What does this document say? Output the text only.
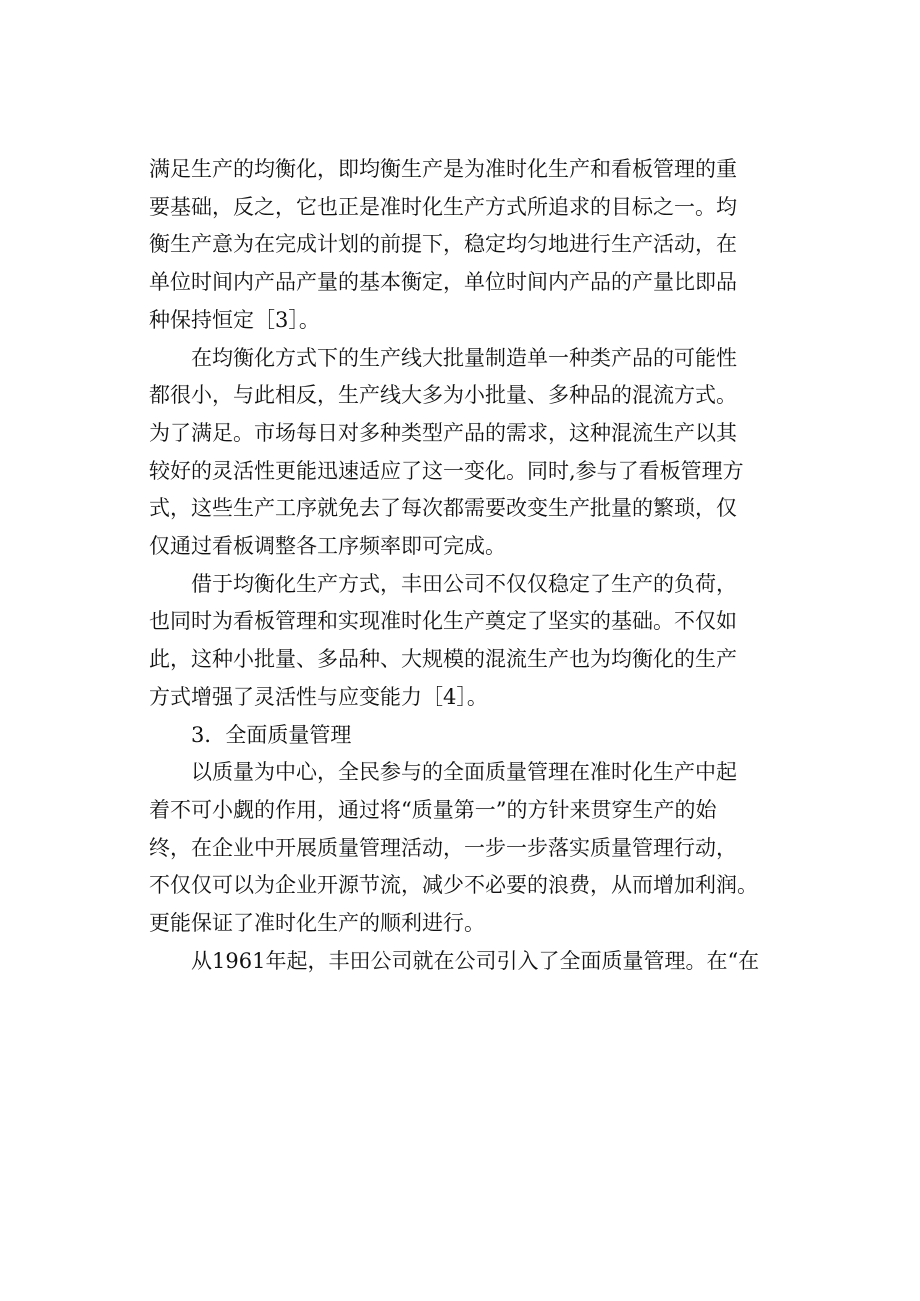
满足生产的均衡化，即均衡生产是为准时化生产和看板管理的重
要基础，反之，它也正是准时化生产方式所追求的目标之一。均
衡生产意为在完成计划的前提下，稳定均匀地进行生产活动，在
单位时间内产品产量的基本衡定，单位时间内产品的产量比即品
种保持恒定［3］。

在均衡化方式下的生产线大批量制造单一种类产品的可能性
都很小，与此相反，生产线大多为小批量、多种品的混流方式。
为了满足。市场每日对多种类型产品的需求，这种混流生产以其
较好的灵活性更能迅速适应了这一变化。同时,参与了看板管理方
式，这些生产工序就免去了每次都需要改变生产批量的繁琐，仅
仅通过看板调整各工序频率即可完成。

借于均衡化生产方式，丰田公司不仅仅稳定了生产的负荷，
也同时为看板管理和实现准时化生产奠定了坚实的基础。不仅如
此，这种小批量、多品种、大规模的混流生产也为均衡化的生产
方式增强了灵活性与应变能力［4］。

3．全面质量管理

以质量为中心，全民参与的全面质量管理在准时化生产中起
着不可小觑的作用，通过将“质量第一”的方针来贯穿生产的始
终，在企业中开展质量管理活动，一步一步落实质量管理行动，
不仅仅可以为企业开源节流，减少不必要的浪费，从而增加利润。
更能保证了准时化生产的顺利进行。

从1961年起，丰田公司就在公司引入了全面质量管理。在“在
